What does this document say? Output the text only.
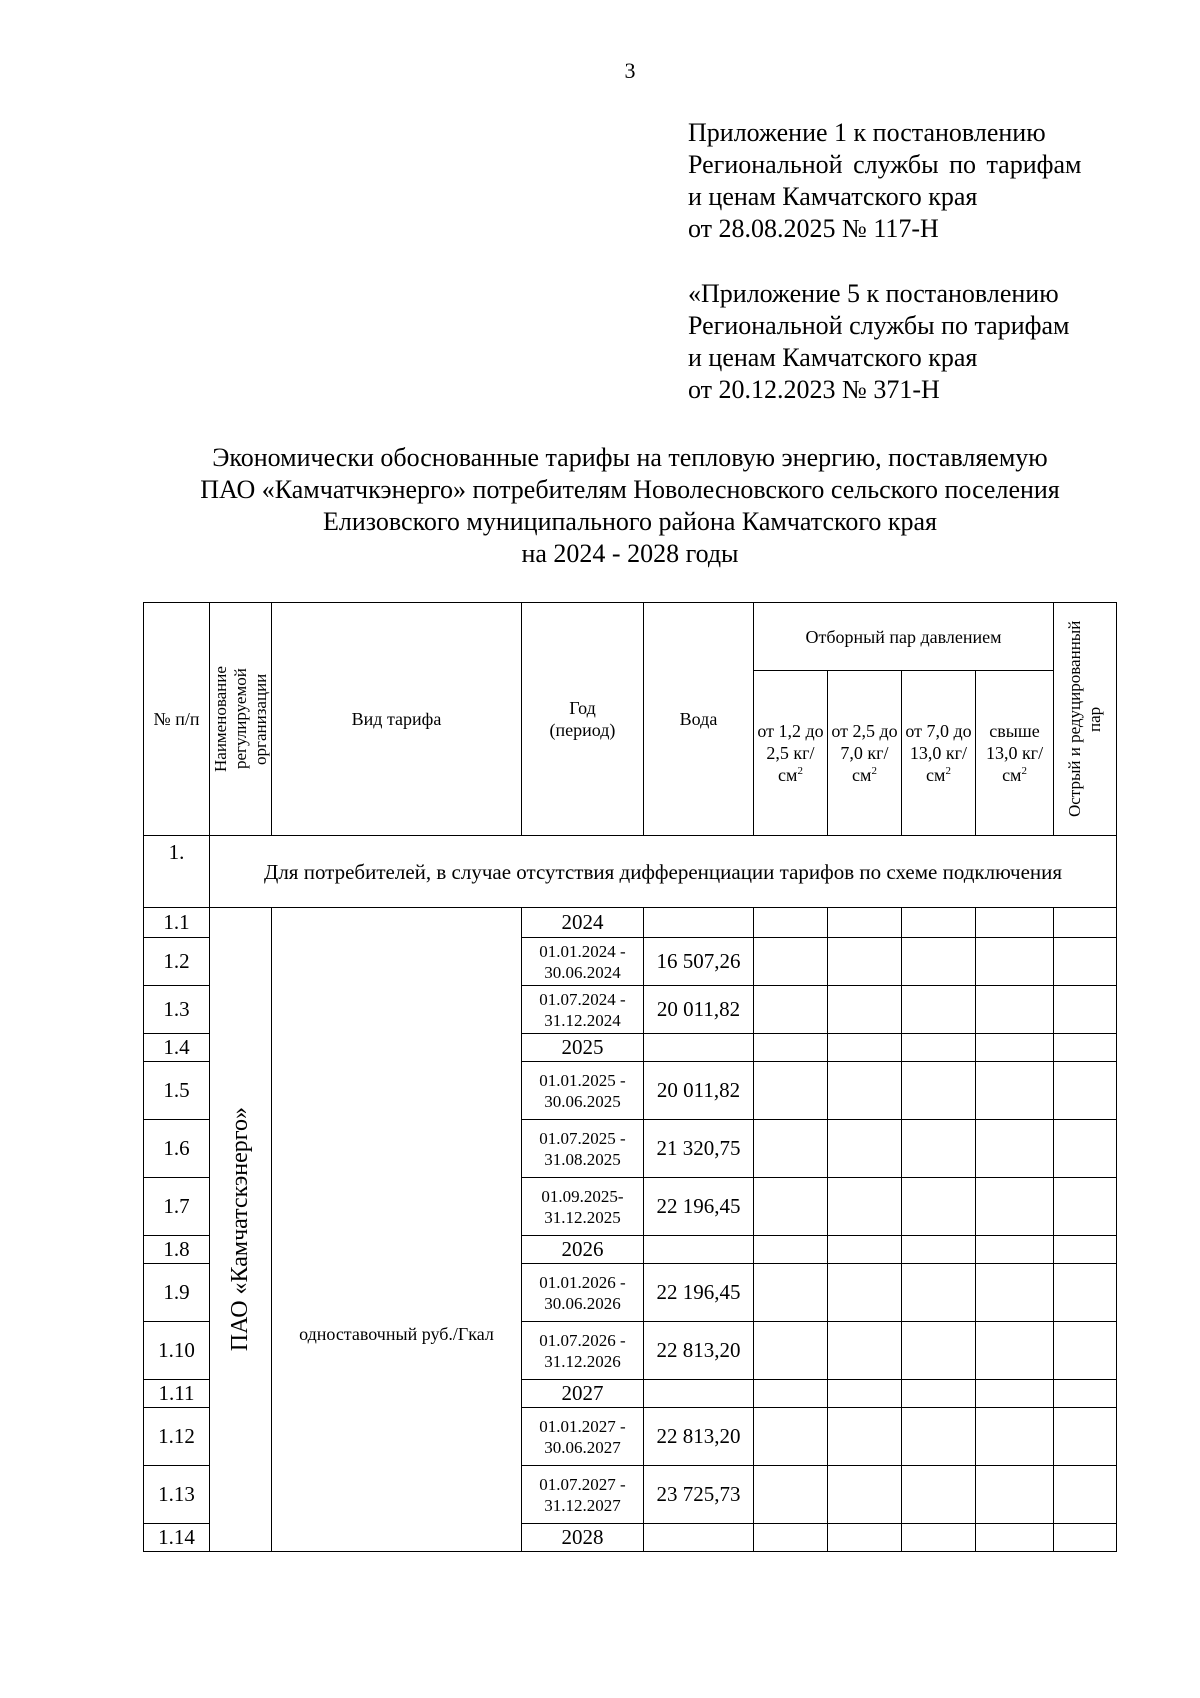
3
Приложение 1 к постановлению
Региональной службы по тарифам
и ценам Камчатского края
от 28.08.2025 № 117-Н
«Приложение 5 к постановлению
Региональной службы по тарифам
и ценам Камчатского края
от 20.12.2023 № 371-Н
Экономически обоснованные тарифы на тепловую энергию, поставляемую
ПАО «Камчатчкэнерго» потребителям Новолесновского сельского поселения
Елизовского муниципального района Камчатского края
на 2024 - 2028 годы
№ п/п	Наименование регулируемой организации	Вид тарифа	Год (период)	Вода	Отборный пар давлением				Острый и редуцированный пар

					от 1,2 до 2,5 $кг/см^2$	от 2,5 до 7,0 $кг/см^2$	от 7,0 до 13,0 $кг/см^2$	свыше 13,0 $кг/см^2$
1.	Для потребителей, в случае отсутствия дифференциации тарифов по схеме подключения								
1.1	ПАО «Камчатскэнерго»	одноставочный руб./Гкал	2024						
1.2			01.01.2024 - 30.06.2024	16 507,26					
1.3			01.07.2024 - 31.12.2024	20 011,82					
1.4			2025						
1.5			01.01.2025 - 30.06.2025	20 011,82					
1.6			01.07.2025 - 31.08.2025	21 320,75					
1.7			01.09.2025- 31.12.2025	22 196,45					
1.8			2026						
1.9			01.01.2026 - 30.06.2026	22 196,45					
1.10			01.07.2026 - 31.12.2026	22 813,20					
1.11			2027						
1.12			01.01.2027 - 30.06.2027	22 813,20					
1.13			01.07.2027 - 31.12.2027	23 725,73					
1.14			2028						
